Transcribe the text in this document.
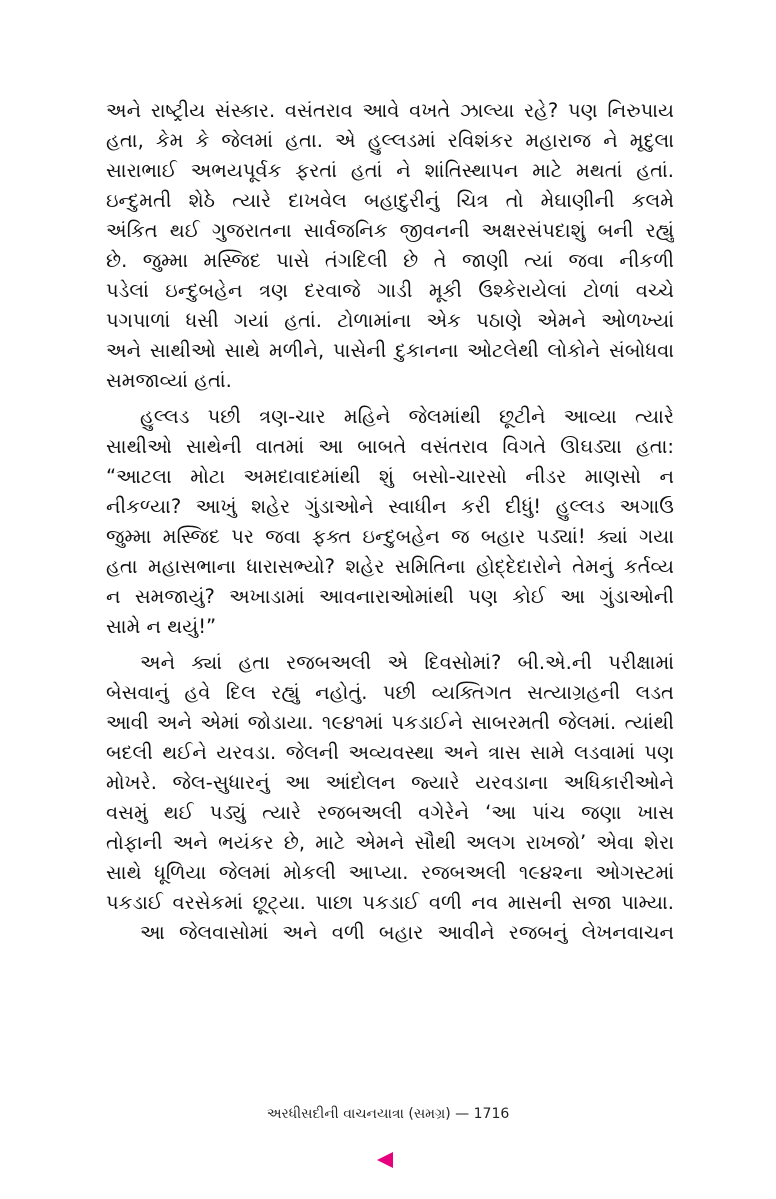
અને રાષ્ટ્રીય સંસ્કાર. વસંતરાવ આવે વખતે ઝાલ્યા રહે? પણ નિરુપાય
હતા, કેમ કે જેલમાં હતા. એ હુલ્લડમાં રવિશંકર મહારાજ ને મૃદુલા
સારાભાઈ અભયપૂર્વક ફરતાં હતાં ને શાંતિસ્થાપન માટે મથતાં હતાં.
ઇન્દુમતી શેઠે ત્યારે દાખવેલ બહાદુરીનું ચિત્ર તો મેઘાણીની કલમે
અંકિત થઈ ગુજરાતના સાર્વજનિક જીવનની અક્ષરસંપદાશું બની રહ્યું
છે. જુમ્મા મસ્જિદ પાસે તંગદિલી છે તે જાણી ત્યાં જવા નીકળી
પડેલાં ઇન્દુબહેન ત્રણ દરવાજે ગાડી મૂકી ઉશ્કેરાયેલાં ટોળાં વચ્ચે
પગપાળાં ધસી ગયાં હતાં. ટોળામાંના એક પઠાણે એમને ઓળખ્યાં
અને સાથીઓ સાથે મળીને, પાસેની દુકાનના ઓટલેથી લોકોને સંબોધવા
સમજાવ્યાં હતાં.
હુલ્લડ પછી ત્રણ-ચાર મહિને જેલમાંથી છૂટીને આવ્યા ત્યારે
સાથીઓ સાથેની વાતમાં આ બાબતે વસંતરાવ વિગતે ઊઘડ્યા હતા:
“આટલા મોટા અમદાવાદમાંથી શું બસો-ચારસો નીડર માણસો ન
નીકળ્યા? આખું શહેર ગુંડાઓને સ્વાધીન કરી દીધું! હુલ્લડ અગાઉ
જુમ્મા મસ્જિદ પર જવા ફક્ત ઇન્દુબહેન જ બહાર પડ્યાં! ક્યાં ગયા
હતા મહાસભાના ધારાસભ્યો? શહેર સમિતિના હોદ્દેદારોને તેમનું કર્તવ્ય
ન સમજાયું? અખાડામાં આવનારાઓમાંથી પણ કોઈ આ ગુંડાઓની
સામે ન થયું!”
અને ક્યાં હતા રજબઅલી એ દિવસોમાં? બી.એ.ની પરીક્ષામાં
બેસવાનું હવે દિલ રહ્યું નહોતું. પછી વ્યક્તિગત સત્યાગ્રહની લડત
આવી અને એમાં જોડાયા. ૧૯૪૧માં પકડાઈને સાબરમતી જેલમાં. ત્યાંથી
બદલી થઈને યરવડા. જેલની અવ્યવસ્થા અને ત્રાસ સામે લડવામાં પણ
મોખરે. જેલ-સુધારનું આ આંદોલન જ્યારે યરવડાના અધિકારીઓને
વસમું થઈ પડ્યું ત્યારે રજબઅલી વગેરેને ‘આ પાંચ જણા ખાસ
તોફાની અને ભયંકર છે, માટે એમને સૌથી અલગ રાખજો’ એવા શેરા
સાથે ધૂળિયા જેલમાં મોકલી આપ્યા. રજબઅલી ૧૯૪૨ના ઓગસ્ટમાં
પકડાઈ વરસેકમાં છૂટ્યા. પાછા પકડાઈ વળી નવ માસની સજા પામ્યા.
આ જેલવાસોમાં અને વળી બહાર આવીને રજબનું લેખનવાચન
અરધીસદીની વાચનયાત્રા (સમગ્ર) — 1716
